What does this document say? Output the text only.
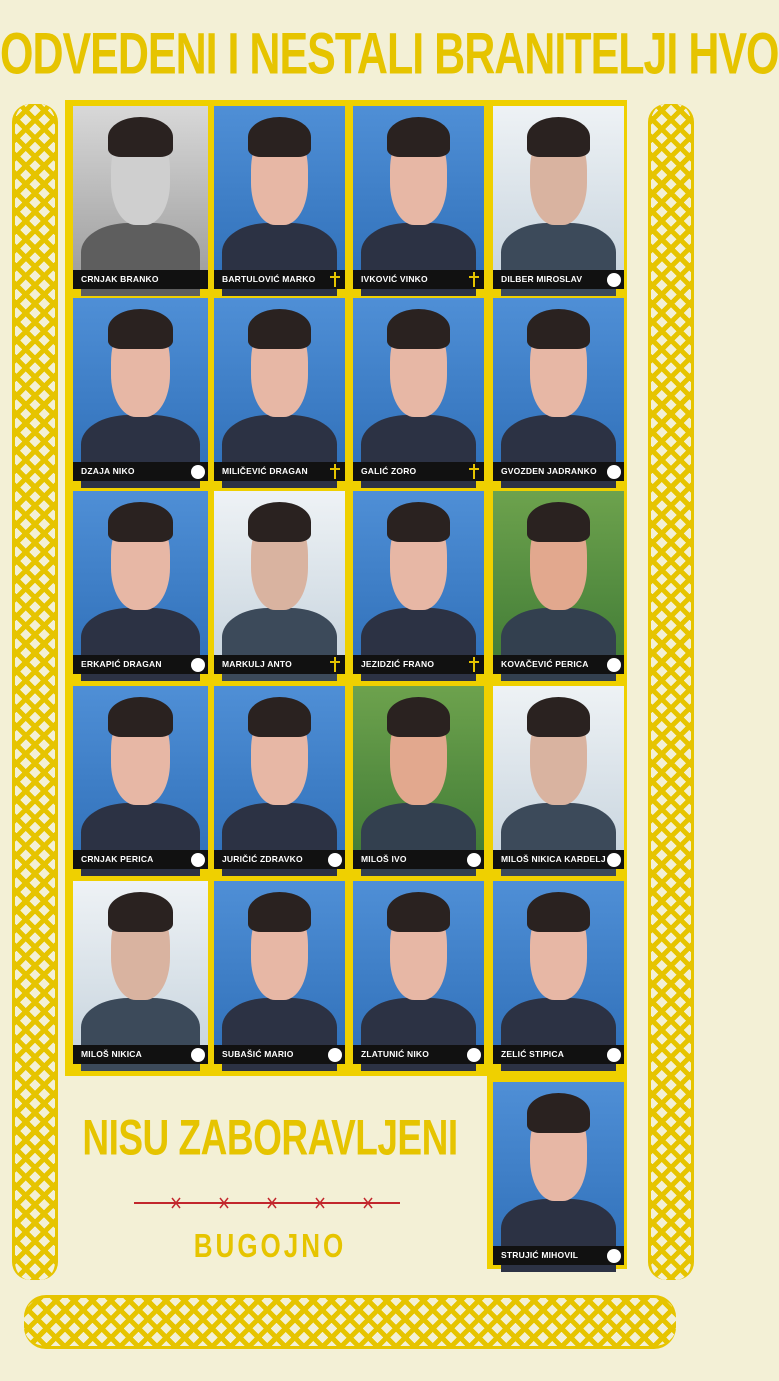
ODVEDENI I NESTALI BRANITELJI HVO
CRNJAK BRANKO	BARTULOVIĆ MARKO	IVKOVIĆ VINKO	DILBER MIROSLAV
DZAJA NIKO	MILIČEVIĆ DRAGAN	GALIĆ ZORO	GVOZDEN JADRANKO
ERKAPIĆ DRAGAN	MARKULJ ANTO	JEZIDZIĆ FRANO	KOVAČEVIĆ PERICA
CRNJAK PERICA	JURIČIĆ ZDRAVKO	MILOŠ IVO	MILOŠ NIKICA KARDELJ
MILOŠ NIKICA	SUBAŠIĆ MARIO	ZLATUNIĆ NIKO	ZELIĆ STIPICA
STRUJIĆ MIHOVIL
NISU ZABORAVLJENI
BUGOJNO
